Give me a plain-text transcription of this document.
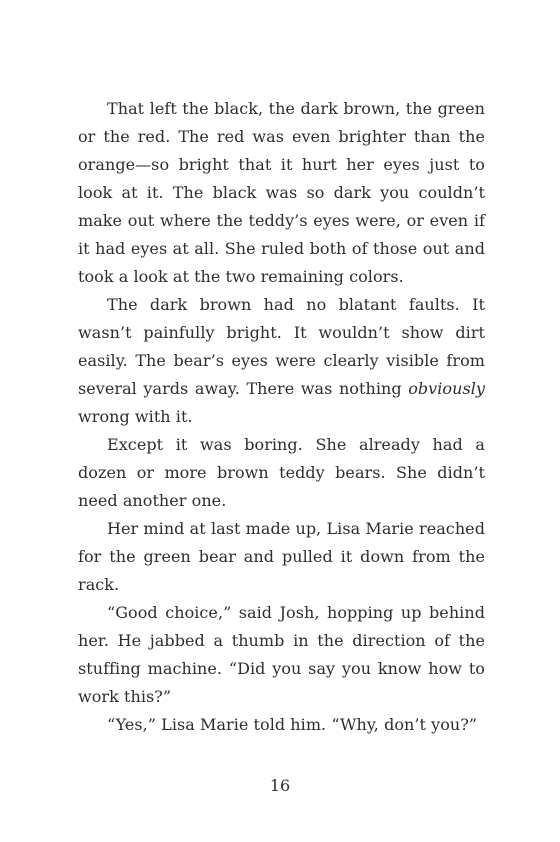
That left the black, the dark brown, the green or the red. The red was even brighter than the orange—so bright that it hurt her eyes just to look at it. The black was so dark you couldn’t make out where the teddy’s eyes were, or even if it had eyes at all. She ruled both of those out and took a look at the two remaining colors.

The dark brown had no blatant faults. It wasn’t painfully bright. It wouldn’t show dirt easily. The bear’s eyes were clearly visible from several yards away. There was nothing obviously wrong with it.

Except it was boring. She already had a dozen or more brown teddy bears. She didn’t need another one.

Her mind at last made up, Lisa Marie reached for the green bear and pulled it down from the rack.

“Good choice,” said Josh, hopping up behind her. He jabbed a thumb in the direction of the stuffing machine. “Did you say you know how to work this?”

“Yes,” Lisa Marie told him. “Why, don’t you?”

16
